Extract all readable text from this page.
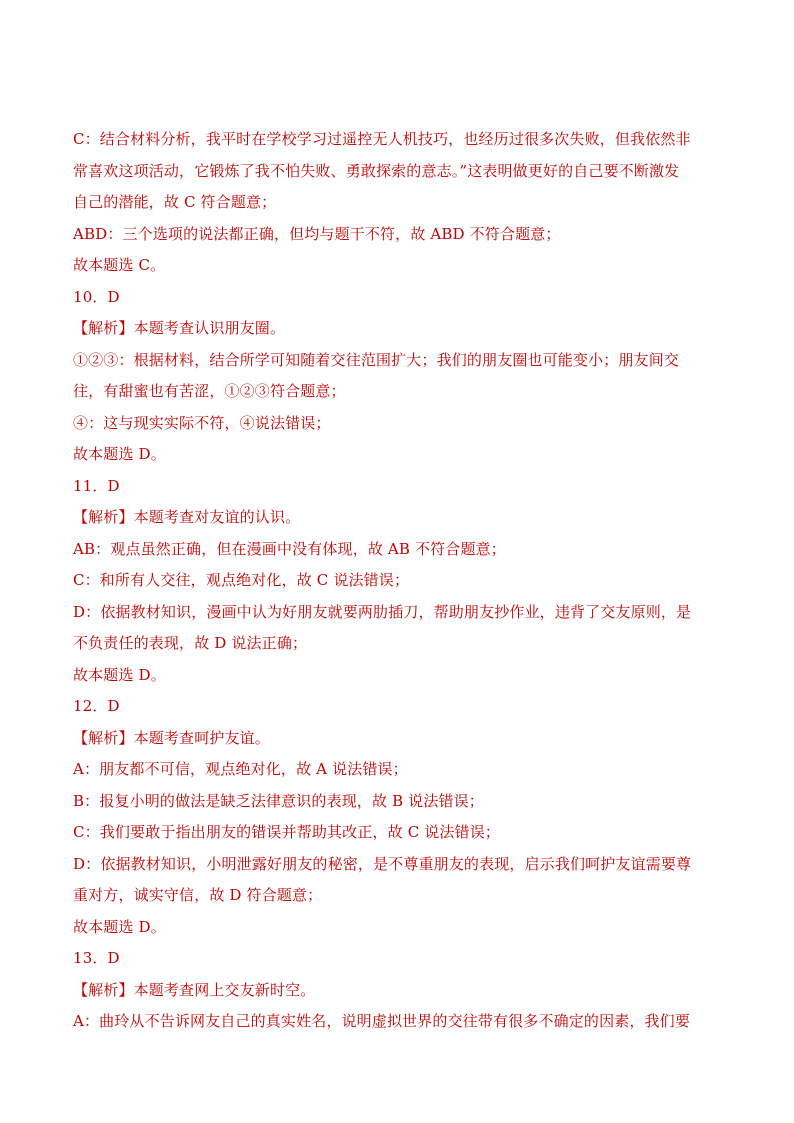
C：结合材料分析，我平时在学校学习过遥控无人机技巧，也经历过很多次失败，但我依然非
常喜欢这项活动，它锻炼了我不怕失败、勇敢探索的意志。”这表明做更好的自己要不断激发
自己的潜能，故 C 符合题意；
ABD：三个选项的说法都正确，但均与题干不符，故 ABD 不符合题意；
故本题选 C。
10．D
【解析】本题考查认识朋友圈。
①②③：根据材料，结合所学可知随着交往范围扩大；我们的朋友圈也可能变小；朋友间交
往，有甜蜜也有苦涩，①②③符合题意；
④：这与现实实际不符，④说法错误；
故本题选 D。
11．D
【解析】本题考查对友谊的认识。
AB：观点虽然正确，但在漫画中没有体现，故 AB 不符合题意；
C：和所有人交往，观点绝对化，故 C 说法错误；
D：依据教材知识，漫画中认为好朋友就要两肋插刀，帮助朋友抄作业，违背了交友原则，是
不负责任的表现，故 D 说法正确；
故本题选 D。
12．D
【解析】本题考查呵护友谊。
A：朋友都不可信，观点绝对化，故 A 说法错误；
B：报复小明的做法是缺乏法律意识的表现，故 B 说法错误；
C：我们要敢于指出朋友的错误并帮助其改正，故 C 说法错误；
D：依据教材知识，小明泄露好朋友的秘密，是不尊重朋友的表现，启示我们呵护友谊需要尊
重对方，诚实守信，故 D 符合题意；
故本题选 D。
13．D
【解析】本题考查网上交友新时空。
A：曲玲从不告诉网友自己的真实姓名，说明虚拟世界的交往带有很多不确定的因素，我们要
